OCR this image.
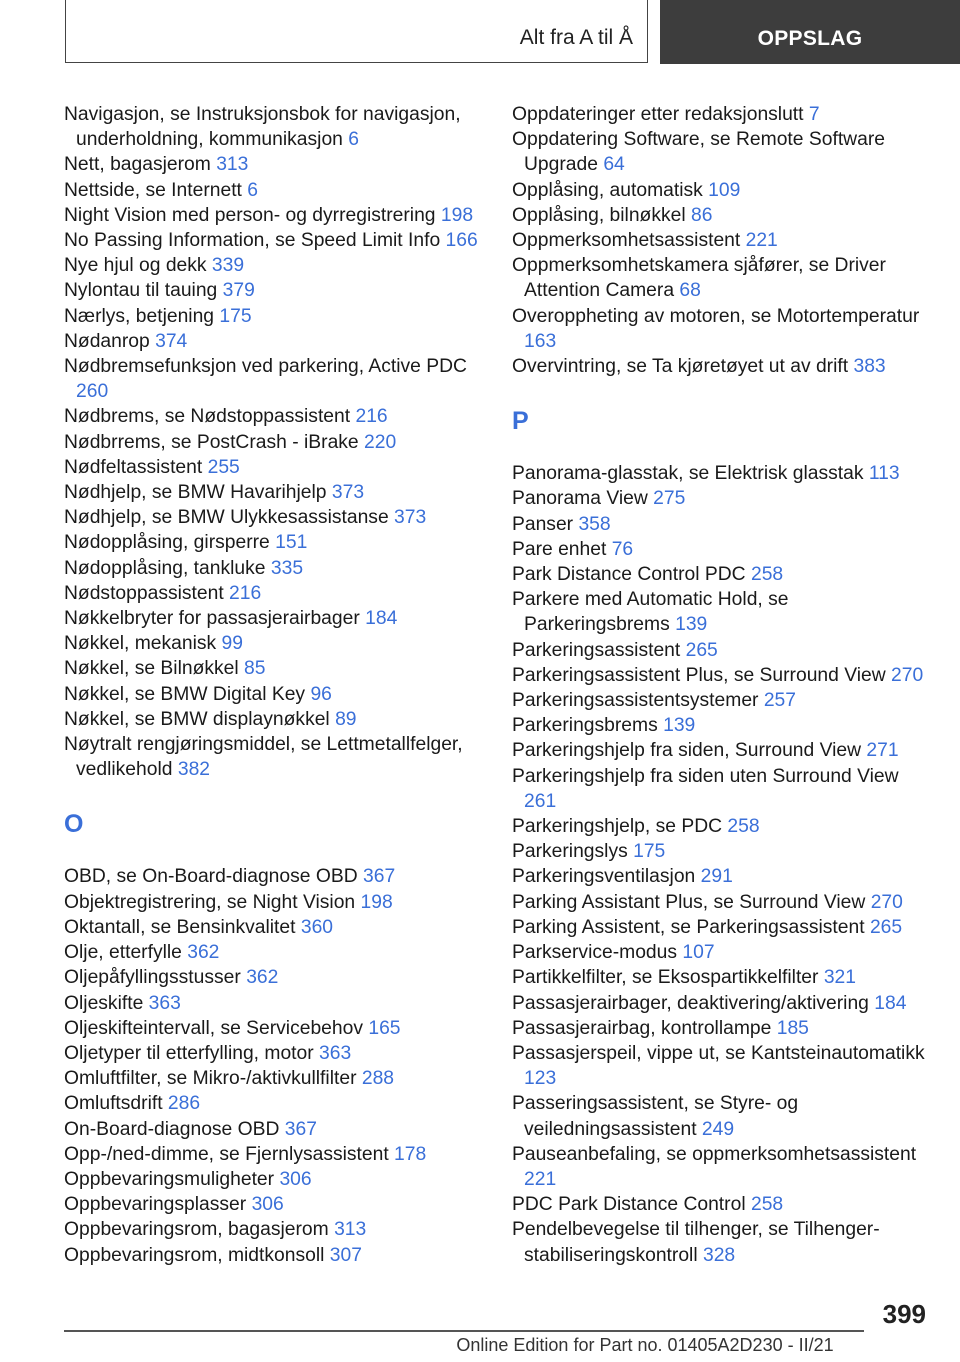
Alt fra A til Å	OPPSLAG
Navigasjon, se Instruksjonsbok for navigasjon, underholdning, kommunikasjon 6
Nett, bagasjerom 313
Nettside, se Internett 6
Night Vision med person- og dyrregistrering 198
No Passing Information, se Speed Limit Info 166
Nye hjul og dekk 339
Nylontau til tauing 379
Nærlys, betjening 175
Nødanrop 374
Nødbremsefunksjon ved parkering, Active PDC 260
Nødbrems, se Nødstoppassistent 216
Nødbrrems, se PostCrash - iBrake 220
Nødfeltassistent 255
Nødhjelp, se BMW Havarihjelp 373
Nødhjelp, se BMW Ulykkesassistanse 373
Nødopplåsing, girsperre 151
Nødopplåsing, tankluke 335
Nødstoppassistent 216
Nøkkelbryter for passasjerairbager 184
Nøkkel, mekanisk 99
Nøkkel, se Bilnøkkel 85
Nøkkel, se BMW Digital Key 96
Nøkkel, se BMW displaynøkkel 89
Nøytralt rengjøringsmiddel, se Lettmetallfelger, vedlikehold 382
O
OBD, se On-Board-diagnose OBD 367
Objektregistrering, se Night Vision 198
Oktantall, se Bensinkvalitet 360
Olje, etterfylle 362
Oljepåfyllingsstusser 362
Oljeskifte 363
Oljeskifteintervall, se Servicebehov 165
Oljetyper til etterfylling, motor 363
Omluftfilter, se Mikro-/aktivkullfilter 288
Omluftsdrift 286
On-Board-diagnose OBD 367
Opp-/ned-dimme, se Fjernlysassistent 178
Oppbevaringsmuligheter 306
Oppbevaringsplasser 306
Oppbevaringsrom, bagasjerom 313
Oppbevaringsrom, midtkonsoll 307
Oppdateringer etter redaksjonslutt 7
Oppdatering Software, se Remote Software Upgrade 64
Opplåsing, automatisk 109
Opplåsing, bilnøkkel 86
Oppmerksomhetsassistent 221
Oppmerksomhetskamera sjåfører, se Driver Attention Camera 68
Overoppheting av motoren, se Motortemperatur 163
Overvintring, se Ta kjøretøyet ut av drift 383
P
Panorama-glasstak, se Elektrisk glasstak 113
Panorama View 275
Panser 358
Pare enhet 76
Park Distance Control PDC 258
Parkere med Automatic Hold, se Parkeringsbrems 139
Parkeringsassistent 265
Parkeringsassistent Plus, se Surround View 270
Parkeringsassistentsystemer 257
Parkeringsbrems 139
Parkeringshjelp fra siden, Surround View 271
Parkeringshjelp fra siden uten Surround View 261
Parkeringshjelp, se PDC 258
Parkeringslys 175
Parkeringsventilasjon 291
Parking Assistant Plus, se Surround View 270
Parking Assistent, se Parkeringsassistent 265
Parkservice-modus 107
Partikkelfilter, se Eksospartikkelfilter 321
Passasjerairbager, deaktivering/aktivering 184
Passasjerairbag, kontrollampe 185
Passasjerspeil, vippe ut, se Kantsteinautomatikk 123
Passeringsassistent, se Styre- og veiledningsassistent 249
Pauseanbefaling, se oppmerksomhetsassistent 221
PDC Park Distance Control 258
Pendelbevegelse til tilhenger, se Tilhenger-stabiliseringskontroll 328
399
Online Edition for Part no. 01405A2D230 - II/21
